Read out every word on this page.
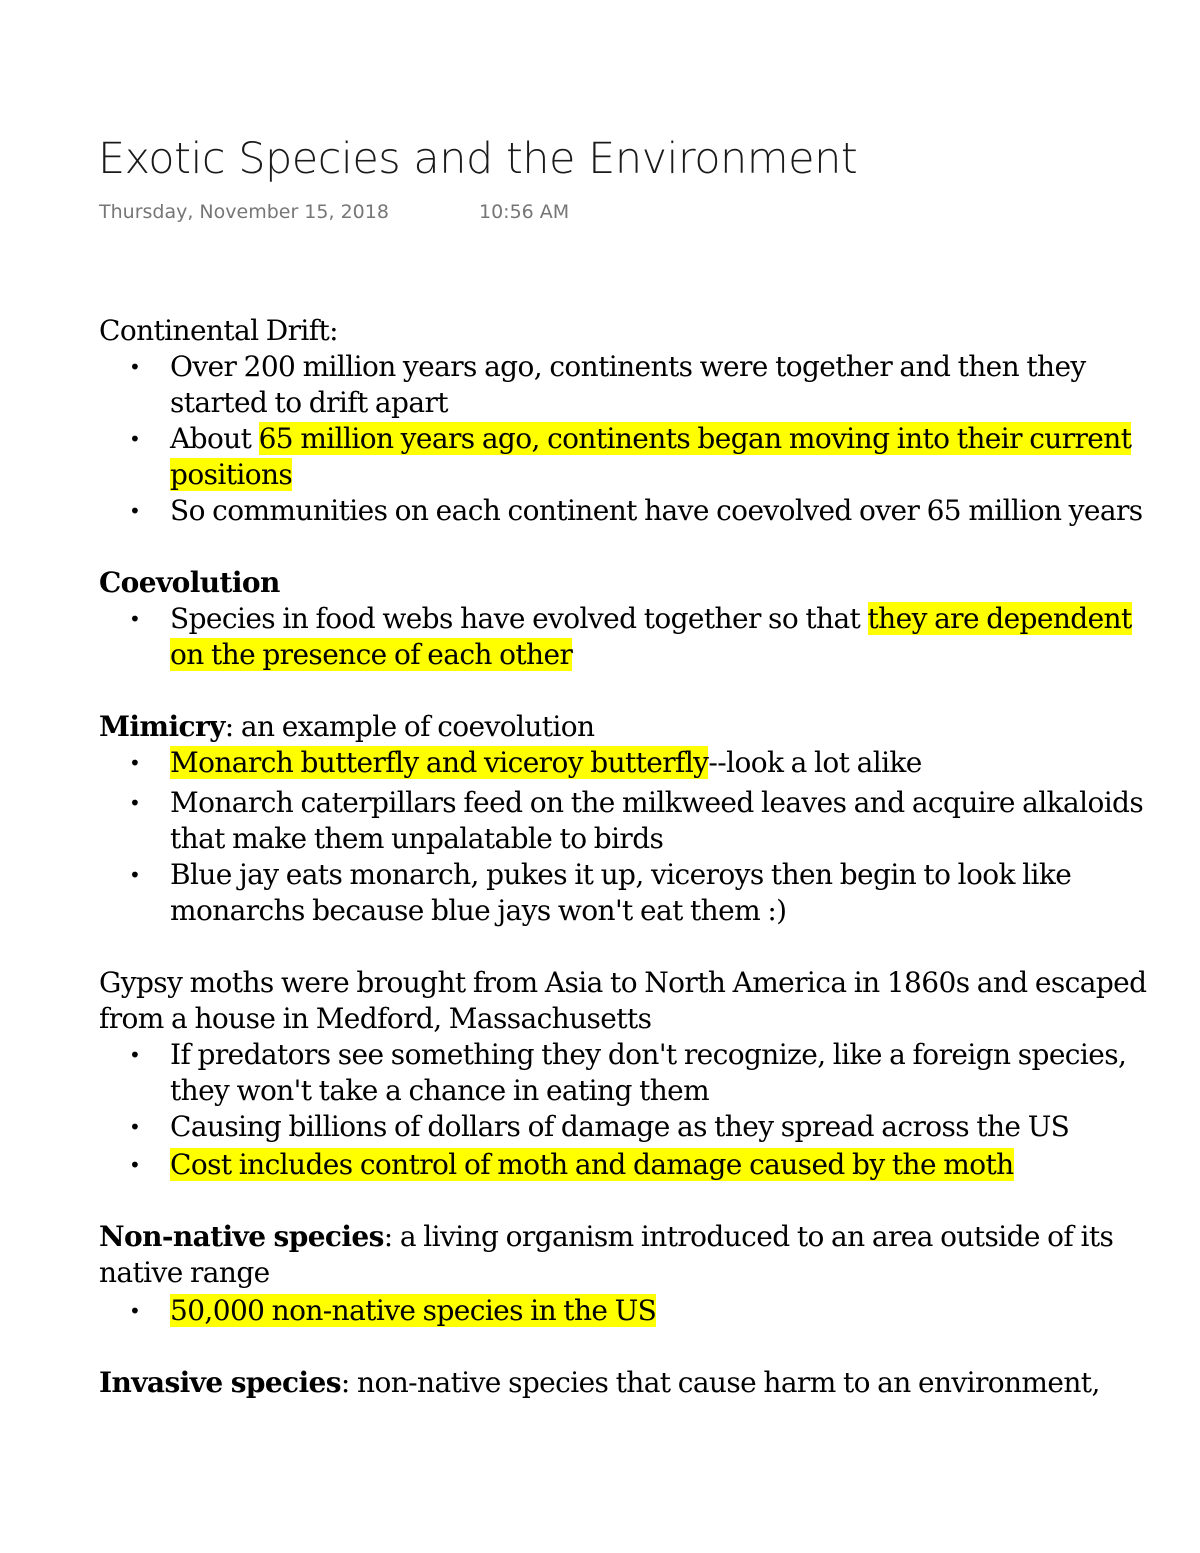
Exotic Species and the Environment
Thursday, November 15, 2018	10:56 AM

Continental Drift:

• Over 200 million years ago, continents were together and then they started to drift apart
• About 65 million years ago, continents began moving into their current positions
• So communities on each continent have coevolved over 65 million years

Coevolution

• Species in food webs have evolved together so that they are dependent on the presence of each other

Mimicry: an example of coevolution

• Monarch butterfly and viceroy butterfly--look a lot alike
• Monarch caterpillars feed on the milkweed leaves and acquire alkaloids that make them unpalatable to birds
• Blue jay eats monarch, pukes it up, viceroys then begin to look like monarchs because blue jays won't eat them :)

Gypsy moths were brought from Asia to North America in 1860s and escaped from a house in Medford, Massachusetts

• If predators see something they don't recognize, like a foreign species, they won't take a chance in eating them
• Causing billions of dollars of damage as they spread across the US
• Cost includes control of moth and damage caused by the moth

Non-native species: a living organism introduced to an area outside of its native range

• 50,000 non-native species in the US

Invasive species: non-native species that cause harm to an environment,
